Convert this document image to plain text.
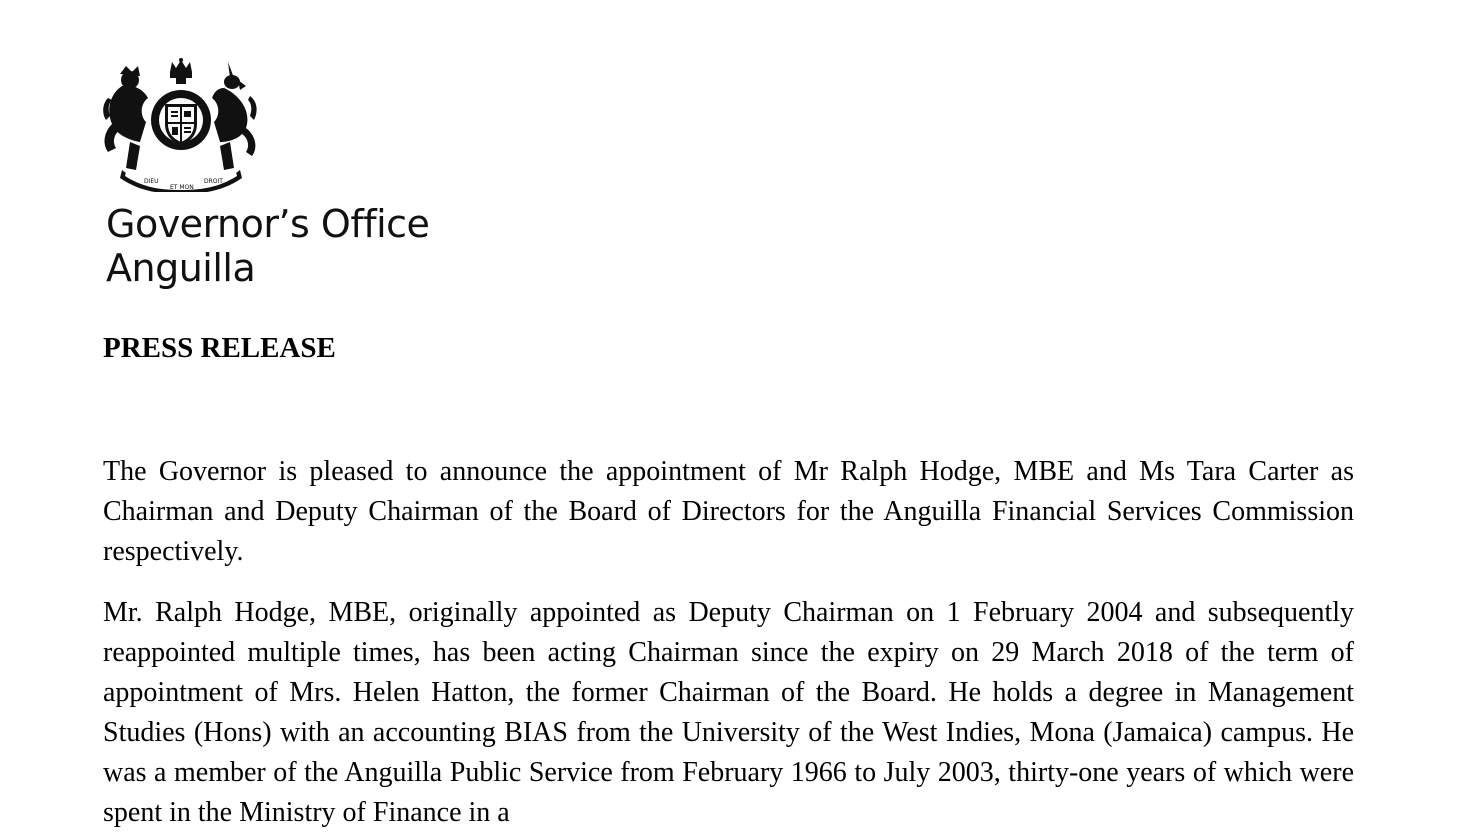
DIEU
ET MON
DROIT
Governor’s Office
Anguilla
PRESS RELEASE

The Governor is pleased to announce the appointment of Mr Ralph Hodge, MBE and Ms Tara Carter as Chairman and Deputy Chairman of the Board of Directors for the Anguilla Financial Services Commission respectively.

Mr. Ralph Hodge, MBE, originally appointed as Deputy Chairman on 1 February 2004 and subsequently reappointed multiple times, has been acting Chairman since the expiry on 29 March 2018 of the term of appointment of Mrs. Helen Hatton, the former Chairman of the Board. He holds a degree in Management Studies (Hons) with an accounting BIAS from the University of the West Indies, Mona (Jamaica) campus. He was a member of the Anguilla Public Service from February 1966 to July 2003, thirty-one years of which were spent in the Ministry of Finance in a
